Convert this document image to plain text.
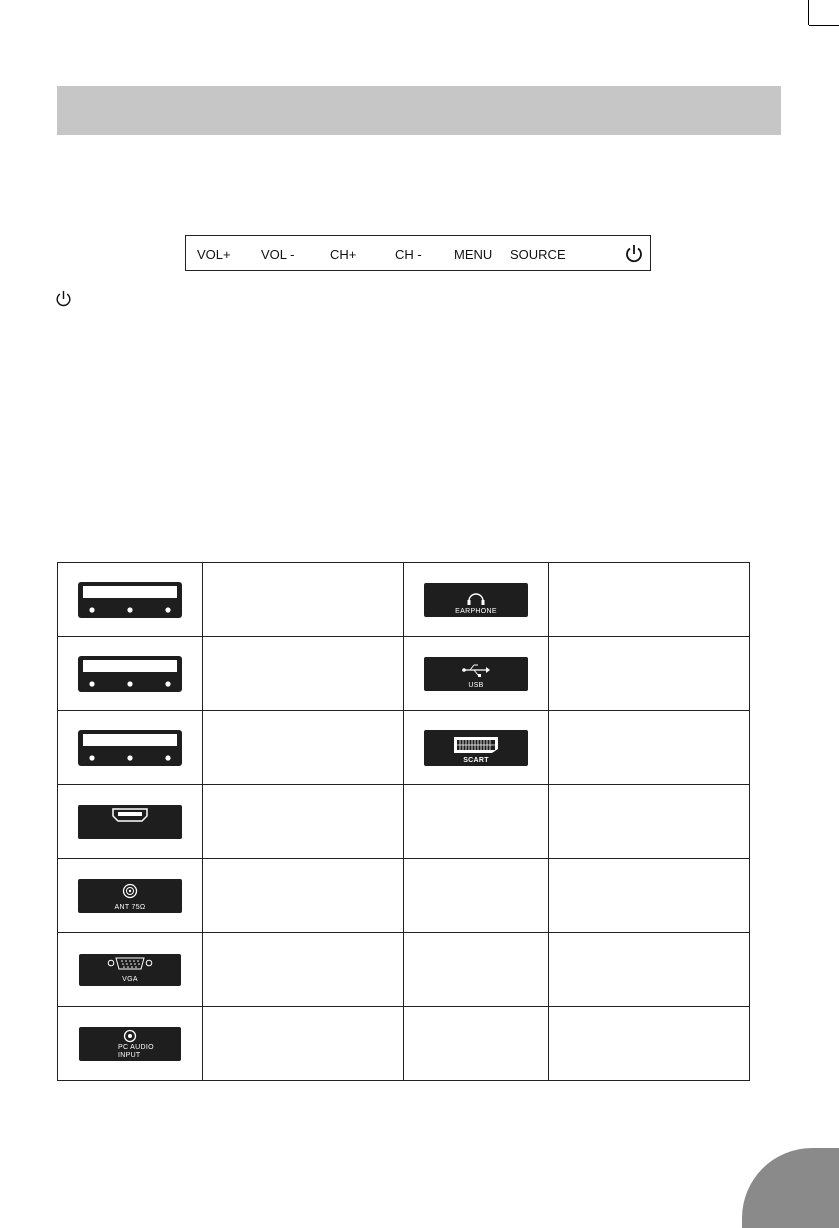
VOL+ VOL -	CH+	CH - MENU SOURCE

EARPHONE	

USB	

SCART	

ANT 75Ω			

VGA			

PC AUDIO
INPUT			
